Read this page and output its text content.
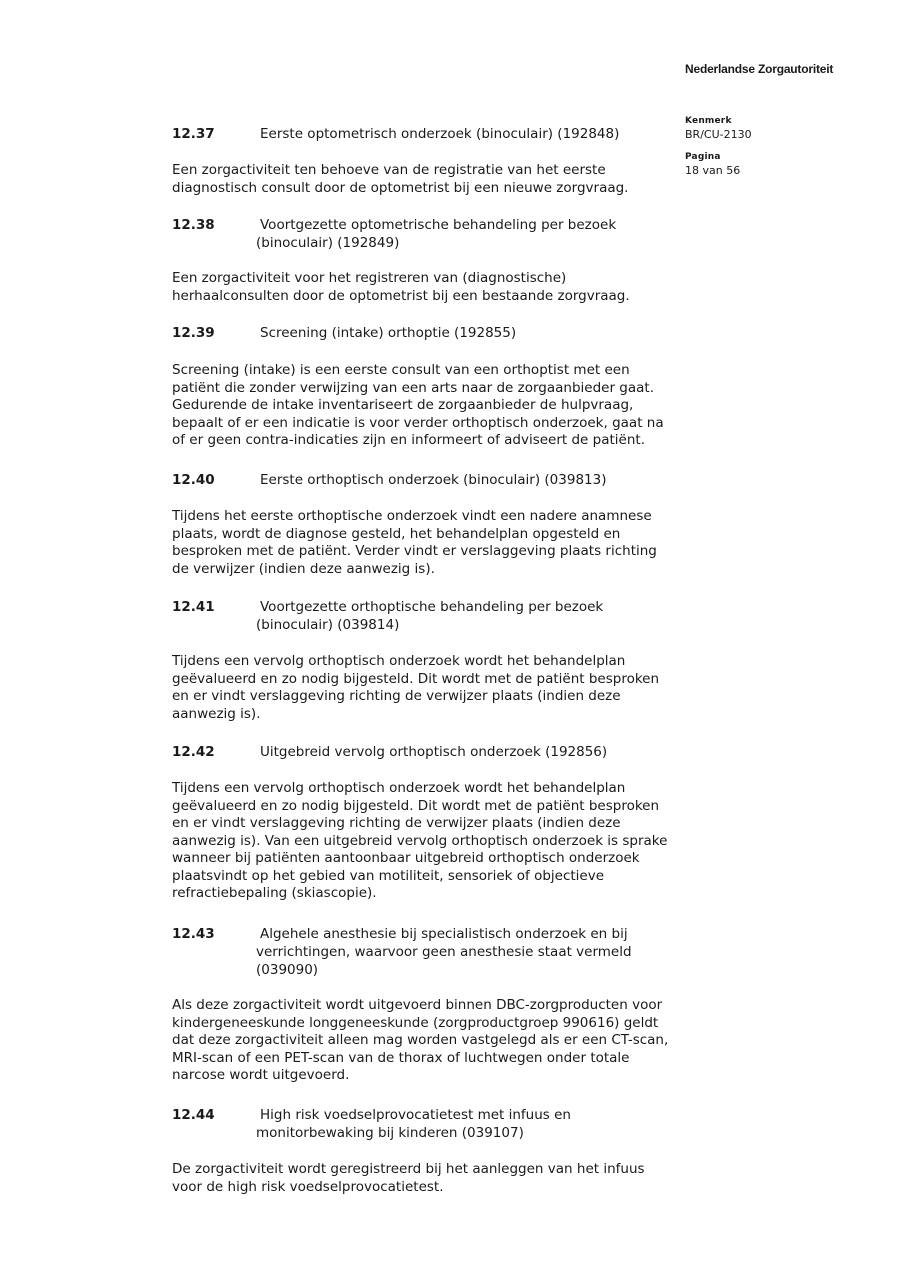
Nederlandse Zorgautoriteit
Kenmerk
BR/CU-2130
Pagina
18 van 56
12.37	Eerste optometrisch onderzoek (binoculair) (192848)
Een zorgactiviteit ten behoeve van de registratie van het eerste
diagnostisch consult door de optometrist bij een nieuwe zorgvraag.
12.38	Voortgezette optometrische behandeling per bezoek
(binoculair) (192849)
Een zorgactiviteit voor het registreren van (diagnostische)
herhaalconsulten door de optometrist bij een bestaande zorgvraag.
12.39	Screening (intake) orthoptie (192855)
Screening (intake) is een eerste consult van een orthoptist met een
patiënt die zonder verwijzing van een arts naar de zorgaanbieder gaat.
Gedurende de intake inventariseert de zorgaanbieder de hulpvraag,
bepaalt of er een indicatie is voor verder orthoptisch onderzoek, gaat na
of er geen contra-indicaties zijn en informeert of adviseert de patiënt.
12.40	Eerste orthoptisch onderzoek (binoculair) (039813)
Tijdens het eerste orthoptische onderzoek vindt een nadere anamnese
plaats, wordt de diagnose gesteld, het behandelplan opgesteld en
besproken met de patiënt. Verder vindt er verslaggeving plaats richting
de verwijzer (indien deze aanwezig is).
12.41	Voortgezette orthoptische behandeling per bezoek
(binoculair) (039814)
Tijdens een vervolg orthoptisch onderzoek wordt het behandelplan
geëvalueerd en zo nodig bijgesteld. Dit wordt met de patiënt besproken
en er vindt verslaggeving richting de verwijzer plaats (indien deze
aanwezig is).
12.42	Uitgebreid vervolg orthoptisch onderzoek (192856)
Tijdens een vervolg orthoptisch onderzoek wordt het behandelplan
geëvalueerd en zo nodig bijgesteld. Dit wordt met de patiënt besproken
en er vindt verslaggeving richting de verwijzer plaats (indien deze
aanwezig is). Van een uitgebreid vervolg orthoptisch onderzoek is sprake
wanneer bij patiënten aantoonbaar uitgebreid orthoptisch onderzoek
plaatsvindt op het gebied van motiliteit, sensoriek of objectieve
refractiebepaling (skiascopie).
12.43	Algehele anesthesie bij specialistisch onderzoek en bij
verrichtingen, waarvoor geen anesthesie staat vermeld
(039090)
Als deze zorgactiviteit wordt uitgevoerd binnen DBC-zorgproducten voor
kindergeneeskunde longgeneeskunde (zorgproductgroep 990616) geldt
dat deze zorgactiviteit alleen mag worden vastgelegd als er een CT-scan,
MRI-scan of een PET-scan van de thorax of luchtwegen onder totale
narcose wordt uitgevoerd.
12.44	High risk voedselprovocatietest met infuus en
monitorbewaking bij kinderen (039107)
De zorgactiviteit wordt geregistreerd bij het aanleggen van het infuus
voor de high risk voedselprovocatietest.
